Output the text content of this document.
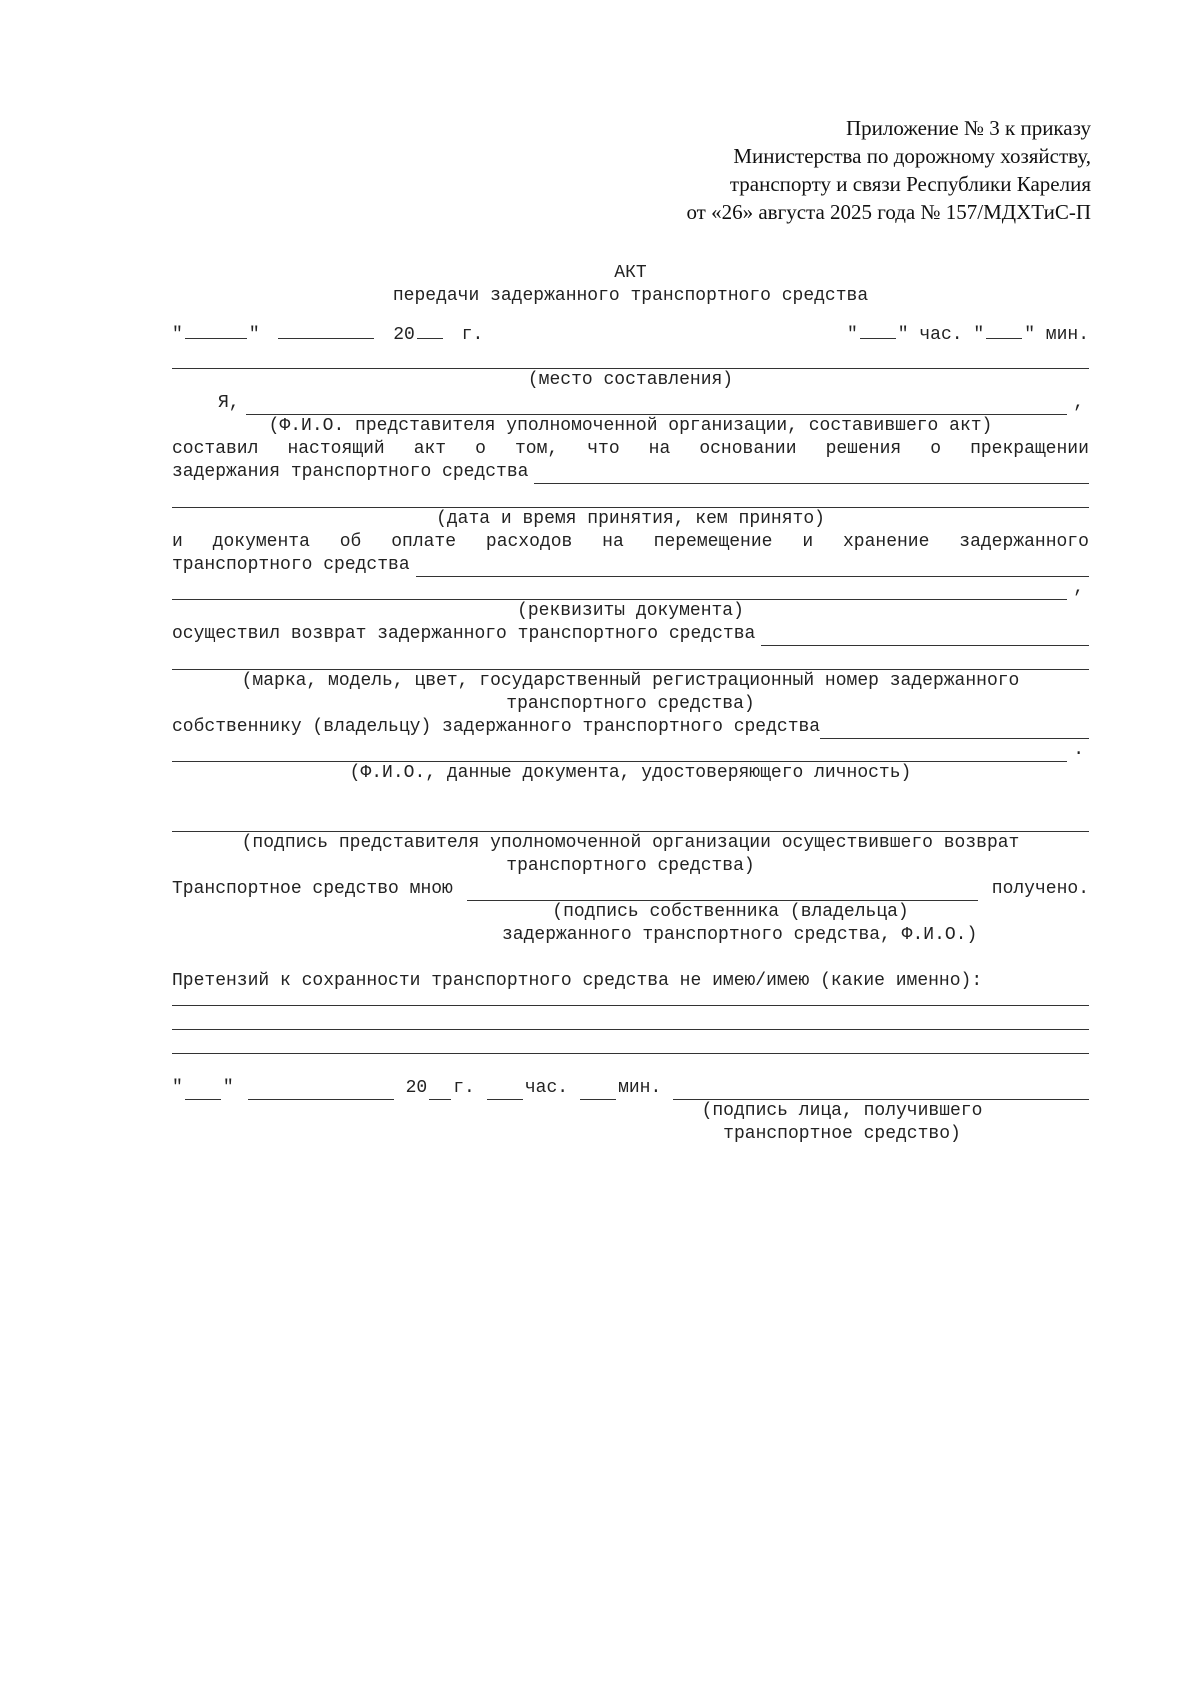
Приложение № 3 к приказу
Министерства по дорожному хозяйству,
транспорту и связи Республики Карелия
от «26» августа 2025 года № 157/МДХТиС-П
АКТ
передачи задержанного транспортного средства
"	"	20	г.	" " час. " " мин.
(место составления)
Я,	,
(Ф.И.О. представителя уполномоченной организации, составившего акт)
составил настоящий акт о том, что на основании решения о прекращении
задержания транспортного средства
(дата и время принятия, кем принято)
и документа об оплате расходов на перемещение и хранение задержанного
транспортного средства
,
(реквизиты документа)
осуществил возврат задержанного транспортного средства
(марка, модель, цвет, государственный регистрационный номер задержанного
транспортного средства)
собственнику (владельцу) задержанного транспортного средства
.
(Ф.И.О., данные документа, удостоверяющего личность)
(подпись представителя уполномоченной организации осуществившего возврат
транспортного средства)
Транспортное средство мною	получено.
(подпись собственника (владельца)
задержанного транспортного средства, Ф.И.О.)
Претензий к сохранности транспортного средства не имею/имею (какие именно):
" "	20 г.	час.	мин.
(подпись лица, получившего
транспортное средство)
